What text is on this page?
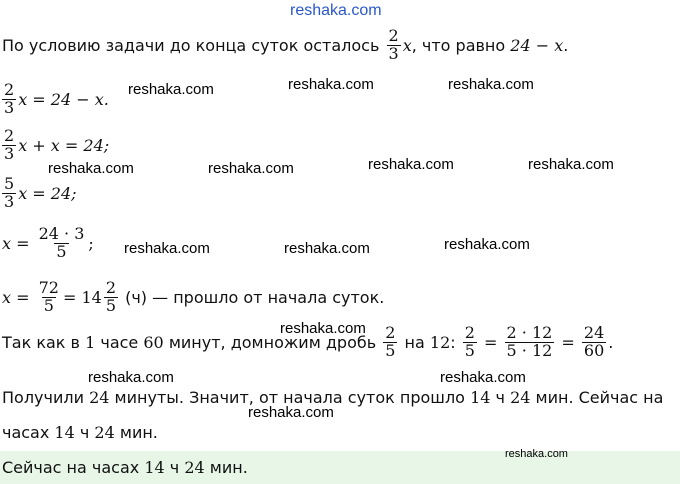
reshaka.com
По условию задачи до конца суток осталось
$\frac{2}{3}$ x , что равно
24 − x .
$\frac{2}{3}$ x = 24 − x.
$\frac{2}{3}$ x + x = 24;
$\frac{5}{3}$ x = 24;
x =
$\frac{24 \cdot 3}{5}$ ;
x =
$\frac{72}{5} = 14 \frac{2}{5}$
(ч) — прошло от начала суток.
Так как в
1
часе
60
минут, домножим дробь
$\frac{2}{5}$
на
12 :
$\frac{2}{5}$
=
$\frac{2 \cdot 12}{5 \cdot 12}$
=
$\frac{24}{60}$ .
Получили 24 минуты. Значит, от начала суток прошло 14 ч 24 мин. Сейчас на
часах 14 ч 24 мин.
Сейчас на часах 14 ч 24 мин.
reshaka.com
reshaka.com	reshaka.com	reshaka.com
reshaka.com	reshaka.com	reshaka.com	reshaka.com
reshaka.com	reshaka.com	reshaka.com
reshaka.com
reshaka.com	reshaka.com
reshaka.com
